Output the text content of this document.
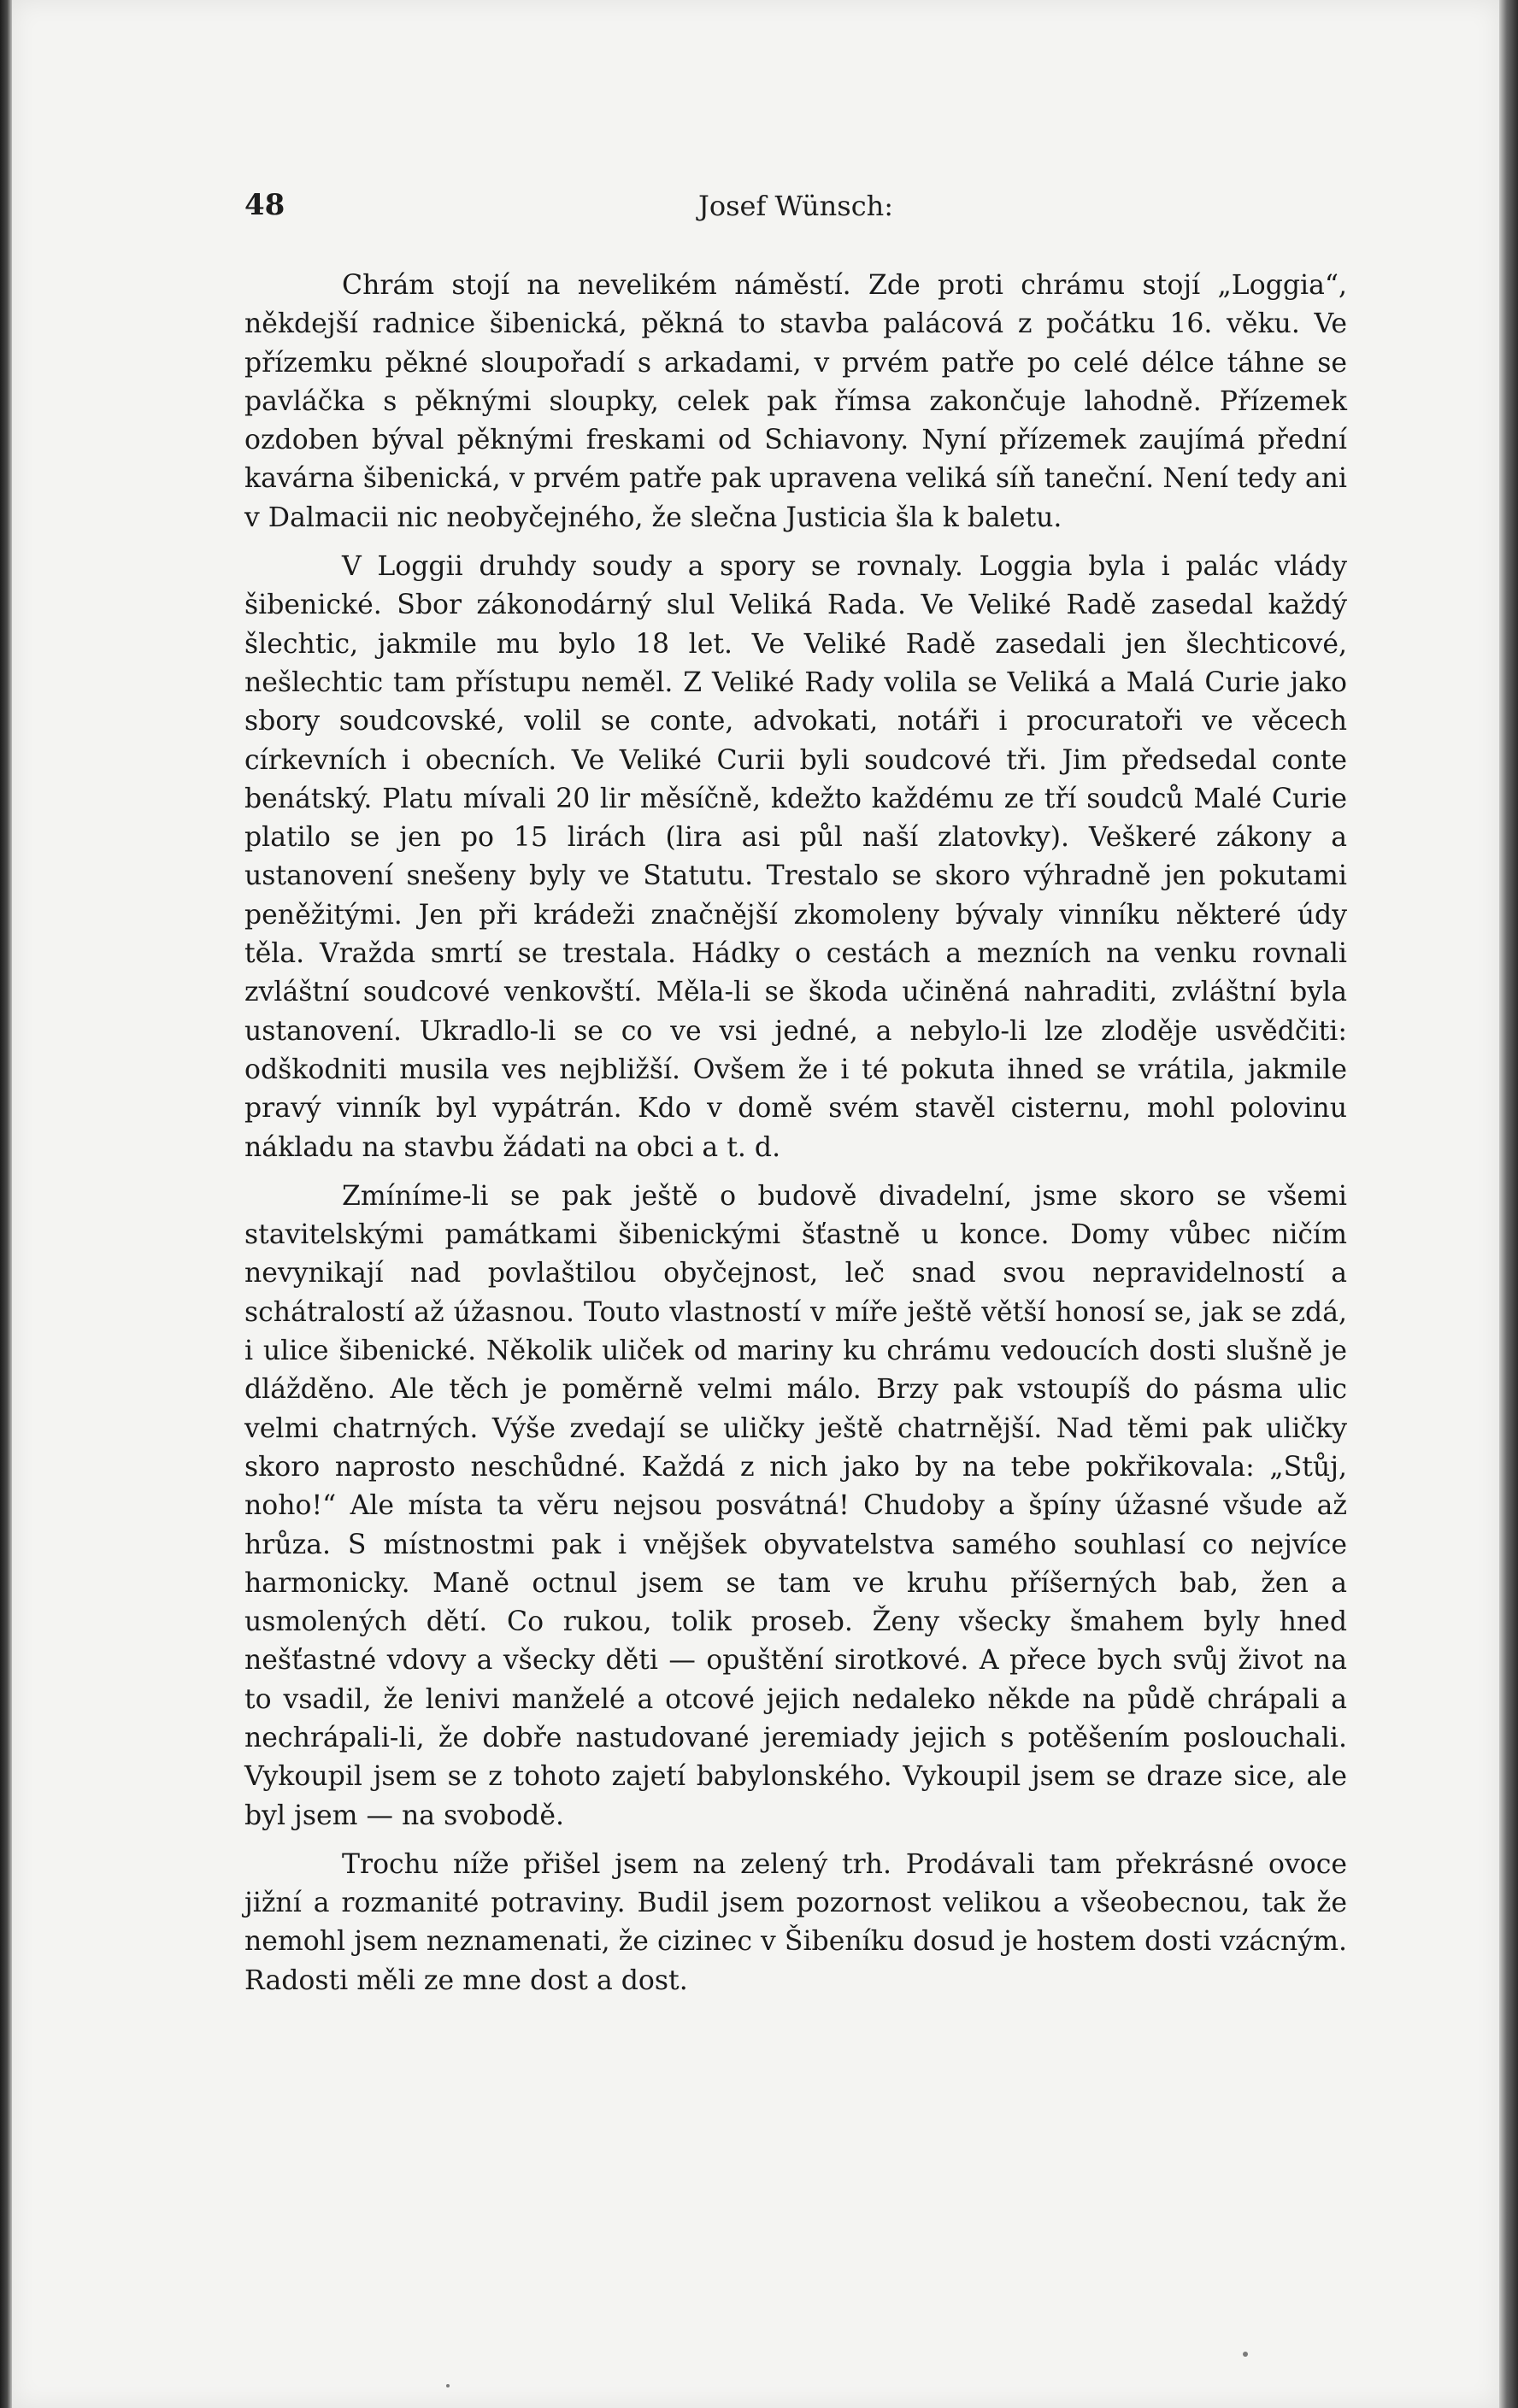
48	Josef Wünsch:

Chrám stojí na nevelikém náměstí. Zde proti chrámu stojí „Loggia“, někdejší radnice šibenická, pěkná to stavba palácová z počátku 16. věku. Ve přízemku pěkné sloupořadí s arkadami, v prvém patře po celé délce táhne se pavláčka s pěknými sloupky, celek pak římsa zakončuje lahodně. Přízemek ozdoben býval pěknými freskami od Schiavony. Nyní přízemek zaujímá přední kavárna šibenická, v prvém patře pak upravena veliká síň taneční. Není tedy ani v Dalmacii nic neobyčejného, že slečna Justicia šla k baletu.

V Loggii druhdy soudy a spory se rovnaly. Loggia byla i palác vlády šibenické. Sbor zákonodárný slul Veliká Rada. Ve Veliké Radě zasedal každý šlechtic, jakmile mu bylo 18 let. Ve Veliké Radě zasedali jen šlechticové, nešlechtic tam přístupu neměl. Z Veliké Rady volila se Veliká a Malá Curie jako sbory soudcovské, volil se conte, advokati, notáři i procuratoři ve věcech církevních i obecních. Ve Veliké Curii byli soudcové tři. Jim předsedal conte benátský. Platu mívali 20 lir měsíčně, kdežto každému ze tří soudců Malé Curie platilo se jen po 15 lirách (lira asi půl naší zlatovky). Veškeré zákony a ustanovení snešeny byly ve Statutu. Trestalo se skoro výhradně jen pokutami peněžitými. Jen při krádeži značnější zkomoleny bývaly vinníku některé údy těla. Vražda smrtí se trestala. Hádky o cestách a mezních na venku rovnali zvláštní soudcové venkovští. Měla-li se škoda učiněná nahraditi, zvláštní byla ustanovení. Ukradlo-li se co ve vsi jedné, a nebylo-li lze zloděje usvědčiti: odškodniti musila ves nejbližší. Ovšem že i té pokuta ihned se vrátila, jakmile pravý vinník byl vypátrán. Kdo v domě svém stavěl cisternu, mohl polovinu nákladu na stavbu žádati na obci a t. d.

Zmíníme-li se pak ještě o budově divadelní, jsme skoro se všemi stavitelskými památkami šibenickými šťastně u konce. Domy vůbec ničím nevynikají nad povlaštilou obyčejnost, leč snad svou nepravidelností a schátralostí až úžasnou. Touto vlastností v míře ještě větší honosí se, jak se zdá, i ulice šibenické. Několik uliček od mariny ku chrámu vedoucích dosti slušně je dlážděno. Ale těch je poměrně velmi málo. Brzy pak vstoupíš do pásma ulic velmi chatrných. Výše zvedají se uličky ještě chatrnější. Nad těmi pak uličky skoro naprosto neschůdné. Každá z nich jako by na tebe pokřikovala: „Stůj, noho!“ Ale místa ta věru nejsou posvátná! Chudoby a špíny úžasné všude až hrůza. S místnostmi pak i vnějšek obyvatelstva samého souhlasí co nejvíce harmonicky. Maně octnul jsem se tam ve kruhu příšerných bab, žen a usmolených dětí. Co rukou, tolik proseb. Ženy všecky šmahem byly hned nešťastné vdovy a všecky děti — opuštění sirotkové. A přece bych svůj život na to vsadil, že lenivi manželé a otcové jejich nedaleko někde na půdě chrápali a nechrápali-li, že dobře nastudované jeremiady jejich s potěšením poslouchali. Vykoupil jsem se z tohoto zajetí babylonského. Vykoupil jsem se draze sice, ale byl jsem — na svobodě.

Trochu níže přišel jsem na zelený trh. Prodávali tam překrásné ovoce jižní a rozmanité potraviny. Budil jsem pozornost velikou a všeobecnou, tak že nemohl jsem neznamenati, že cizinec v Šibeníku dosud je hostem dosti vzácným. Radosti měli ze mne dost a dost.
